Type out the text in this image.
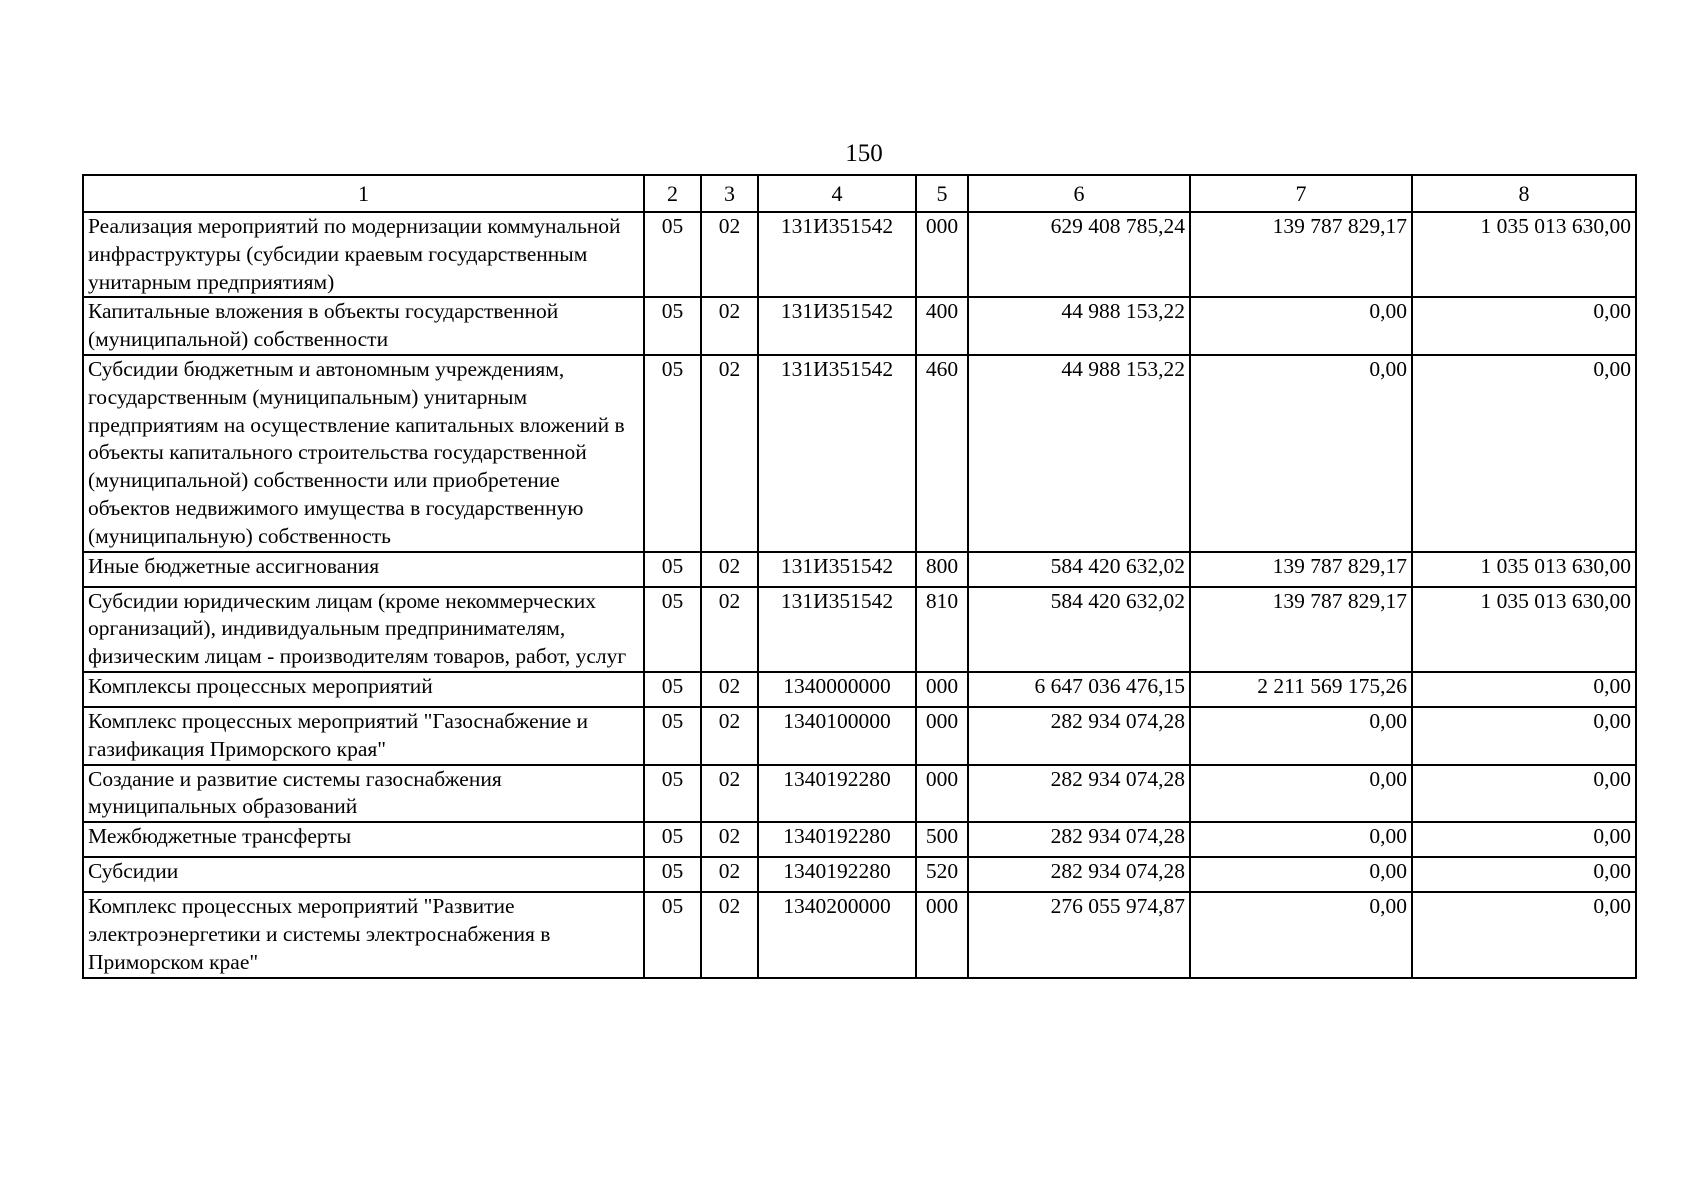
150
1	2	3	4	5	6	7	8
Реализация мероприятий по модернизации коммунальной инфраструктуры (субсидии краевым государственным унитарным предприятиям)	05	02	131И351542	000	629 408 785,24	139 787 829,17	1 035 013 630,00
Капитальные вложения в объекты государственной (муниципальной) собственности	05	02	131И351542	400	44 988 153,22	0,00	0,00
Субсидии бюджетным и автономным учреждениям, государственным (муниципальным) унитарным предприятиям на осуществление капитальных вложений в объекты капитального строительства государственной (муниципальной) собственности или приобретение объектов недвижимого имущества в государственную (муниципальную) собственность	05	02	131И351542	460	44 988 153,22	0,00	0,00
Иные бюджетные ассигнования	05	02	131И351542	800	584 420 632,02	139 787 829,17	1 035 013 630,00
Субсидии юридическим лицам (кроме некоммерческих организаций), индивидуальным предпринимателям, физическим лицам - производителям товаров, работ, услуг	05	02	131И351542	810	584 420 632,02	139 787 829,17	1 035 013 630,00
Комплексы процессных мероприятий	05	02	1340000000	000	6 647 036 476,15	2 211 569 175,26	0,00
Комплекс процессных мероприятий "Газоснабжение и газификация Приморского края"	05	02	1340100000	000	282 934 074,28	0,00	0,00
Создание и развитие системы газоснабжения муниципальных образований	05	02	1340192280	000	282 934 074,28	0,00	0,00
Межбюджетные трансферты	05	02	1340192280	500	282 934 074,28	0,00	0,00
Субсидии	05	02	1340192280	520	282 934 074,28	0,00	0,00
Комплекс процессных мероприятий "Развитие электроэнергетики и системы электроснабжения в Приморском крае"	05	02	1340200000	000	276 055 974,87	0,00	0,00
